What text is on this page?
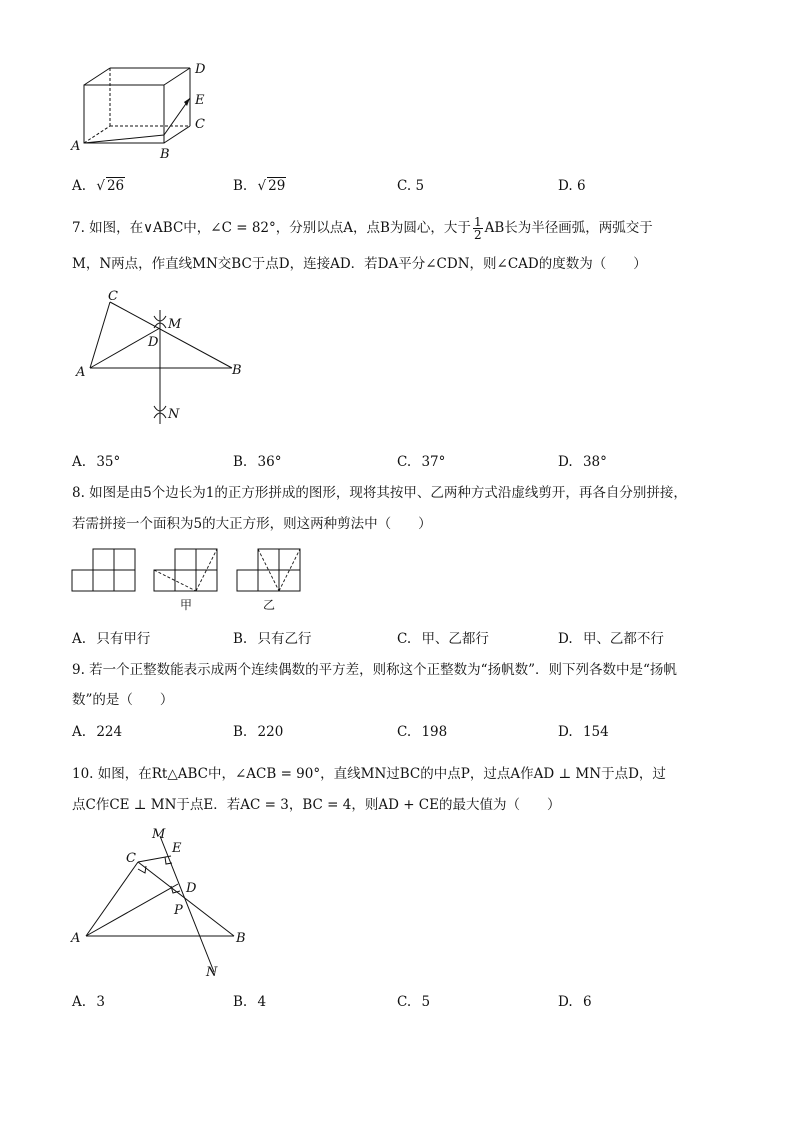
D
E
C
A
B
A. √ 26	B. √ 29	C. 5	D. 6
7. 如图，在∨ABC中，∠C = 82°，分别以点A，点B为圆心，大于 $\frac{1}{2}$ AB长为半径画弧，两弧交于
M，N两点，作直线MN交BC于点D，连接AD．若DA平分∠CDN，则∠CAD的度数为（　　）
C
M
D
A	B
N
A. 35°	B. 36°	C. 37°	D. 38°
8. 如图是由5个边长为1的正方形拼成的图形，现将其按甲、乙两种方式沿虚线剪开，再各自分别拼接，
若需拼接一个面积为5的大正方形，则这两种剪法中（　　）
甲	乙
A. 只有甲行	B. 只有乙行	C. 甲、乙都行	D. 甲、乙都不行
9. 若一个正整数能表示成两个连续偶数的平方差，则称这个正整数为“扬帆数”．则下列各数中是“扬帆
数”的是（　　）
A. 224	B. 220	C. 198	D. 154
10. 如图，在Rt△ABC中，∠ACB = 90°，直线MN过BC的中点P，过点A作AD ⊥ MN于点D，过
点C作CE ⊥ MN于点E．若AC = 3，BC = 4，则AD + CE的最大值为（　　）
M
E
C
D
P
A	B
N
A. 3	B. 4	C. 5	D. 6
